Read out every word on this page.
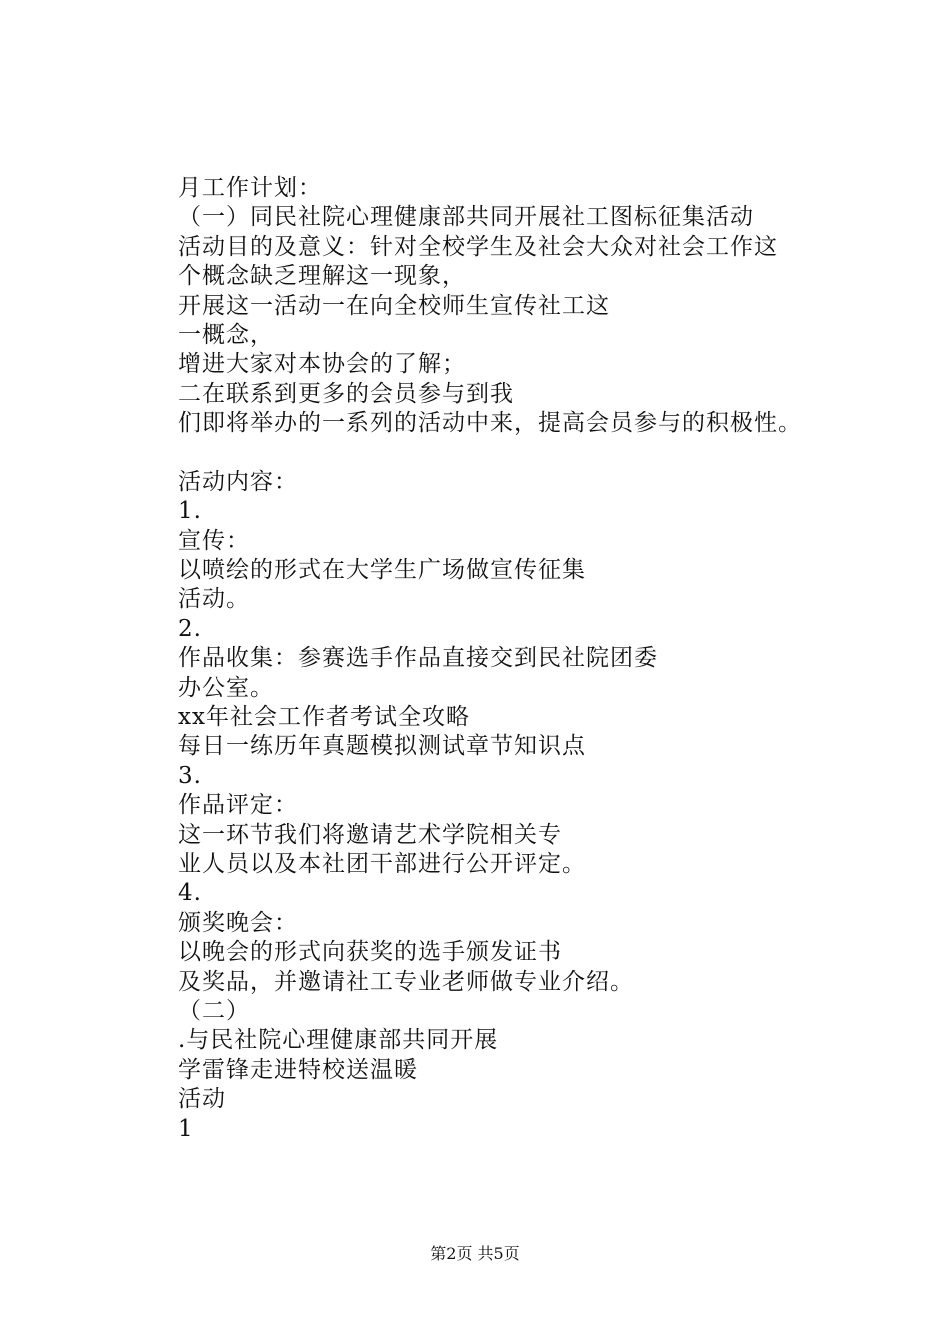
月工作计划：
（一）同民社院心理健康部共同开展社工图标征集活动
活动目的及意义：针对全校学生及社会大众对社会工作这
个概念缺乏理解这一现象，
开展这一活动一在向全校师生宣传社工这
一概念，
增进大家对本协会的了解；
二在联系到更多的会员参与到我
们即将举办的一系列的活动中来，提高会员参与的积极性。
活动内容：
1.
宣传：
以喷绘的形式在大学生广场做宣传征集
活动。
2.
作品收集：参赛选手作品直接交到民社院团委
办公室。
xx年社会工作者考试全攻略
每日一练历年真题模拟测试章节知识点
3.
作品评定：
这一环节我们将邀请艺术学院相关专
业人员以及本社团干部进行公开评定。
4.
颁奖晚会：
以晚会的形式向获奖的选手颁发证书
及奖品，并邀请社工专业老师做专业介绍。
（二）
.与民社院心理健康部共同开展
学雷锋走进特校送温暖
活动
1
第2页 共5页
